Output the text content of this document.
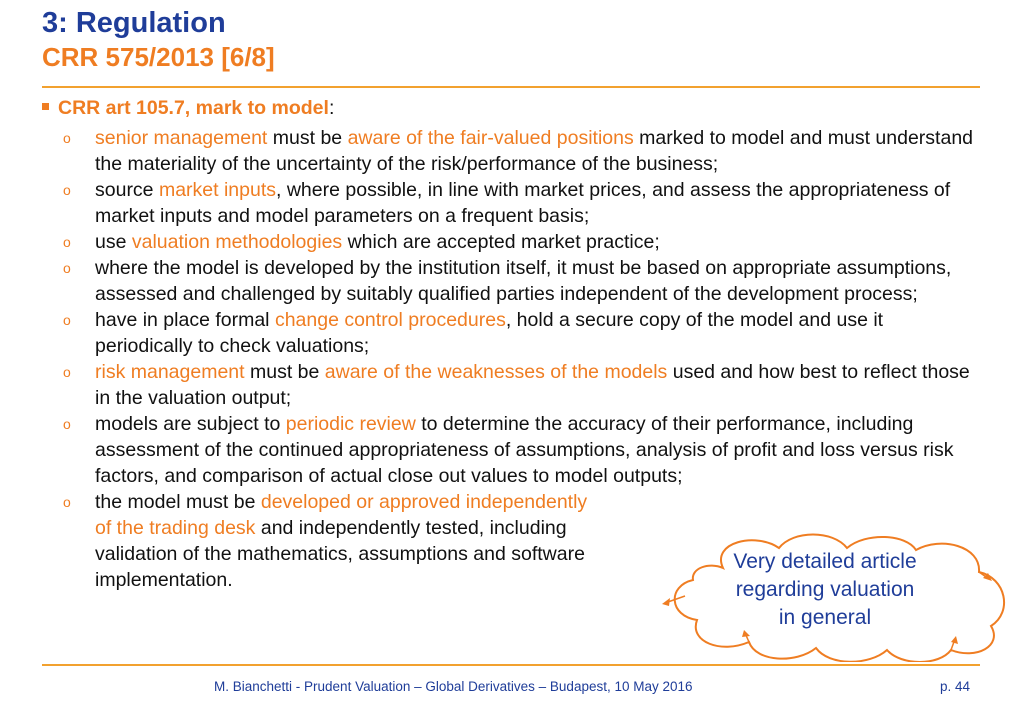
3: Regulation
CRR 575/2013 [6/8]
CRR art 105.7, mark to model:
o senior management must be aware of the fair-valued positions marked to model and must understand the materiality of the uncertainty of the risk/performance of the business;
o source market inputs, where possible, in line with market prices, and assess the appropriateness of market inputs and model parameters on a frequent basis;
o use valuation methodologies which are accepted market practice;
o where the model is developed by the institution itself, it must be based on appropriate assumptions, assessed and challenged by suitably qualified parties independent of the development process;
o have in place formal change control procedures, hold a secure copy of the model and use it periodically to check valuations;
o risk management must be aware of the weaknesses of the models used and how best to reflect those in the valuation output;
o models are subject to periodic review to determine the accuracy of their performance, including assessment of the continued appropriateness of assumptions, analysis of profit and loss versus risk factors, and comparison of actual close out values to model outputs;
o the model must be developed or approved independently
of the trading desk and independently tested, including
validation of the mathematics, assumptions and software
implementation.
Very detailed article
regarding valuation
in general
M. Bianchetti - Prudent Valuation – Global Derivatives – Budapest, 10 May 2016	p. 44
